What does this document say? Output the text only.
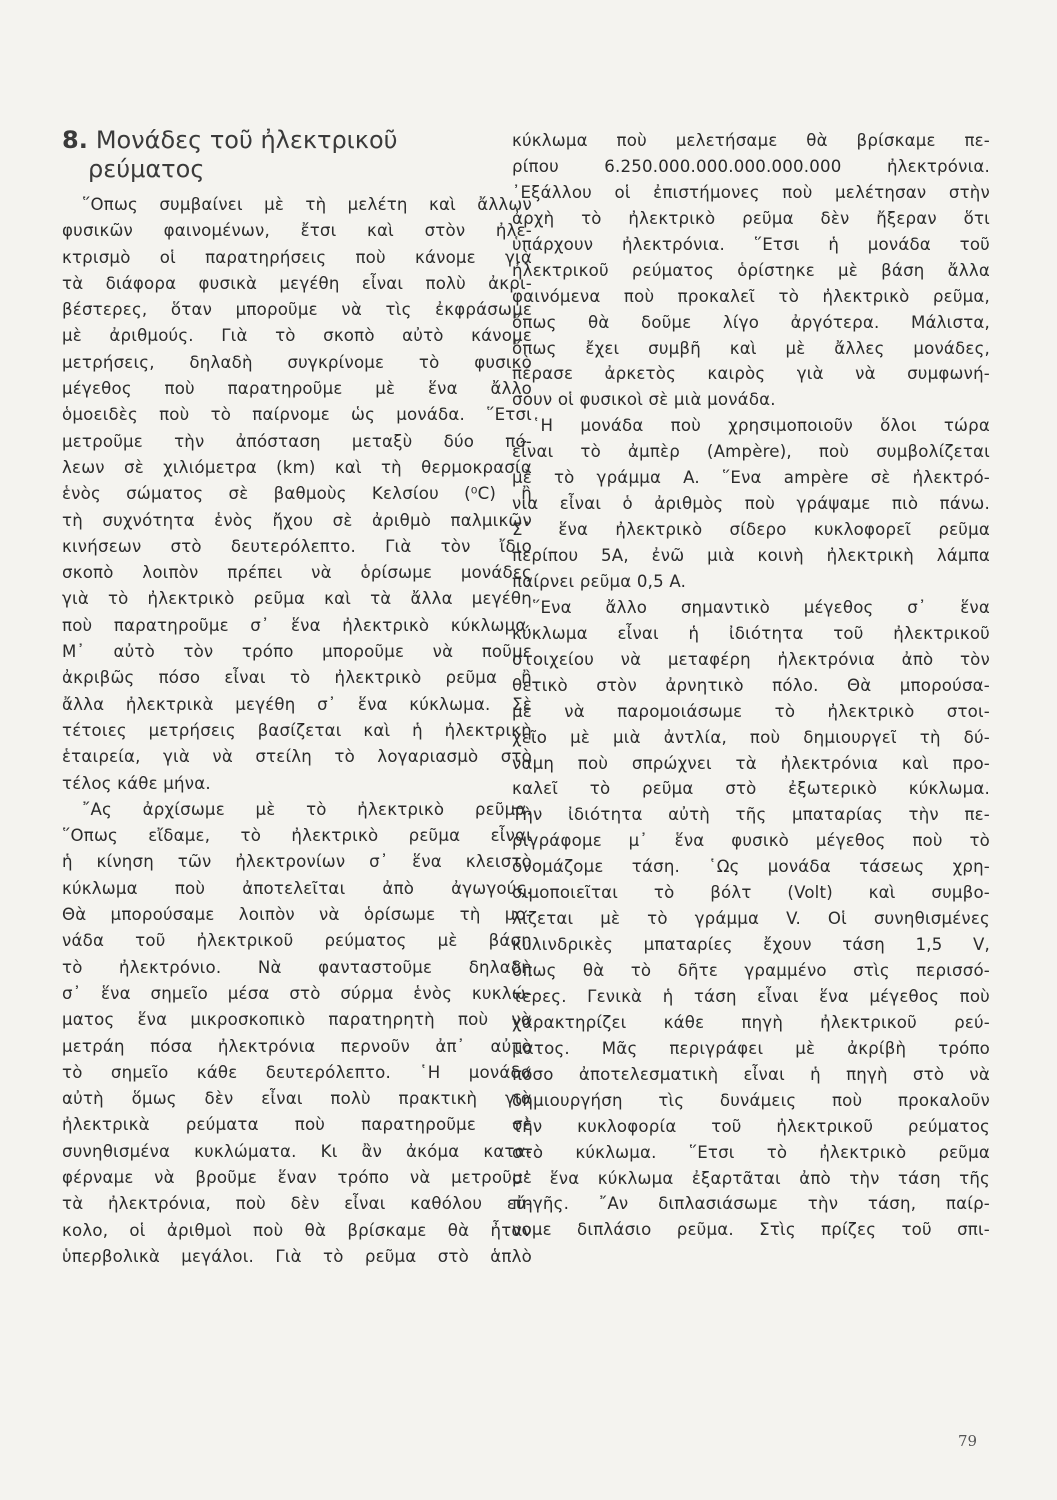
8. Μονάδες τοῦ ἠλεκτρικοῦ
ρεύματος
῞Οπως συμβαίνει μὲ τὴ μελέτη καὶ ἄλλων
φυσικῶν φαινομένων, ἔτσι καὶ στὸν ἠλε-
κτρισμὸ οἱ παρατηρήσεις ποὺ κάνομε γιὰ
τὰ διάφορα φυσικὰ μεγέθη εἶναι πολὺ ἀκρι-
βέστερες, ὅταν μποροῦμε νὰ τὶς ἐκφράσωμε
μὲ ἀριθμούς. Γιὰ τὸ σκοπὸ αὐτὸ κάνομε
μετρήσεις, δηλαδὴ συγκρίνομε τὸ φυσικὸ
μέγεθος ποὺ παρατηροῦμε μὲ ἕνα ἄλλο
ὁμοειδὲς ποὺ τὸ παίρνομε ὡς μονάδα. ῞Ετσι
μετροῦμε τὴν ἀπόσταση μεταξὺ δύο πό-
λεων σὲ χιλιόμετρα (km) καὶ τὴ θερμοκρασία
ἑνὸς σώματος σὲ βαθμοὺς Κελσίου (⁰C) ἢ
τὴ συχνότητα ἑνὸς ἤχου σὲ ἀριθμὸ παλμικῶν
κινήσεων στὸ δευτερόλεπτο. Γιὰ τὸν ἴδιο
σκοπὸ λοιπὸν πρέπει νὰ ὁρίσωμε μονάδες
γιὰ τὸ ἠλεκτρικὸ ρεῦμα καὶ τὰ ἄλλα μεγέθη
ποὺ παρατηροῦμε σ᾽ ἕνα ἠλεκτρικὸ κύκλωμα.
Μ᾽ αὐτὸ τὸν τρόπο μποροῦμε νὰ ποῦμε
ἀκριβῶς πόσο εἶναι τὸ ἠλεκτρικὸ ρεῦμα ἢ
ἄλλα ἠλεκτρικὰ μεγέθη σ᾽ ἕνα κύκλωμα. Σὲ
τέτοιες μετρήσεις βασίζεται καὶ ἡ ἠλεκτρικὴ
ἑταιρεία, γιὰ νὰ στείλη τὸ λογαριασμὸ στὸ
τέλος κάθε μήνα.
῎Ας ἀρχίσωμε μὲ τὸ ἠλεκτρικὸ ρεῦμα.
῞Οπως εἴδαμε, τὸ ἠλεκτρικὸ ρεῦμα εἶναι
ἡ κίνηση τῶν ἠλεκτρονίων σ᾽ ἕνα κλειστὸ
κύκλωμα ποὺ ἀποτελεῖται ἀπὸ ἀγωγούς.
Θὰ μπορούσαμε λοιπὸν νὰ ὁρίσωμε τὴ μο-
νάδα τοῦ ἠλεκτρικοῦ ρεύματος μὲ βάση
τὸ ἠλεκτρόνιο. Νὰ φανταστοῦμε δηλαδὴ
σ᾽ ἕνα σημεῖο μέσα στὸ σύρμα ἑνὸς κυκλώ-
ματος ἕνα μικροσκοπικὸ παρατηρητὴ ποὺ νὰ
μετράη πόσα ἠλεκτρόνια περνοῦν ἀπ᾽ αὐτὸ
τὸ σημεῖο κάθε δευτερόλεπτο. ῾Η μονάδα
αὐτὴ ὅμως δὲν εἶναι πολὺ πρακτικὴ γιὰ
ἠλεκτρικὰ ρεύματα ποὺ παρατηροῦμε σὲ
συνηθισμένα κυκλώματα. Κι ἂν ἀκόμα κατα-
φέρναμε νὰ βροῦμε ἕναν τρόπο νὰ μετροῦμε
τὰ ἠλεκτρόνια, ποὺ δὲν εἶναι καθόλου εὔ-
κολο, οἱ ἀριθμοὶ ποὺ θὰ βρίσκαμε θὰ ἦταν
ὑπερβολικὰ μεγάλοι. Γιὰ τὸ ρεῦμα στὸ ἁπλὸ
κύκλωμα ποὺ μελετήσαμε θὰ βρίσκαμε πε-
ρίπου 6.250.000.000.000.000.000 ἠλεκτρόνια.
᾽Εξάλλου οἱ ἐπιστήμονες ποὺ μελέτησαν στὴν
ἀρχὴ τὸ ἠλεκτρικὸ ρεῦμα δὲν ἤξεραν ὅτι
ὑπάρχουν ἠλεκτρόνια. ῞Ετσι ἡ μονάδα τοῦ
ἠλεκτρικοῦ ρεύματος ὁρίστηκε μὲ βάση ἄλλα
φαινόμενα ποὺ προκαλεῖ τὸ ἠλεκτρικὸ ρεῦμα,
ὅπως θὰ δοῦμε λίγο ἀργότερα. Μάλιστα,
ὅπως ἔχει συμβῆ καὶ μὲ ἄλλες μονάδες,
πέρασε ἀρκετὸς καιρὸς γιὰ νὰ συμφωνή-
σουν οἱ φυσικοὶ σὲ μιὰ μονάδα.
῾Η μονάδα ποὺ χρησιμοποιοῦν ὅλοι τώρα
εἶναι τὸ ἀμπὲρ (Ampère), ποὺ συμβολίζεται
μὲ τὸ γράμμα A. ῞Ενα ampère σὲ ἠλεκτρό-
νια εἶναι ὁ ἀριθμὸς ποὺ γράψαμε πιὸ πάνω.
Σ᾽ ἕνα ἠλεκτρικὸ σίδερο κυκλοφορεῖ ρεῦμα
περίπου 5A, ἐνῶ μιὰ κοινὴ ἠλεκτρικὴ λάμπα
παίρνει ρεῦμα 0,5 A.
῞Ενα ἄλλο σημαντικὸ μέγεθος σ᾽ ἕνα
κύκλωμα εἶναι ἡ ἰδιότητα τοῦ ἠλεκτρικοῦ
στοιχείου νὰ μεταφέρη ἠλεκτρόνια ἀπὸ τὸν
θετικὸ στὸν ἀρνητικὸ πόλο. Θὰ μπορούσα-
με νὰ παρομοιάσωμε τὸ ἠλεκτρικὸ στοι-
χεῖο μὲ μιὰ ἀντλία, ποὺ δημιουργεῖ τὴ δύ-
ναμη ποὺ σπρώχνει τὰ ἠλεκτρόνια καὶ προ-
καλεῖ τὸ ρεῦμα στὸ ἐξωτερικὸ κύκλωμα.
Τὴν ἰδιότητα αὐτὴ τῆς μπαταρίας τὴν πε-
ριγράφομε μ᾽ ἕνα φυσικὸ μέγεθος ποὺ τὸ
ὀνομάζομε τάση. ῾Ως μονάδα τάσεως χρη-
σιμοποιεῖται τὸ βόλτ (Volt) καὶ συμβο-
λίζεται μὲ τὸ γράμμα V. Οἱ συνηθισμένες
κυλινδρικὲς μπαταρίες ἔχουν τάση 1,5 V,
ὅπως θὰ τὸ δῆτε γραμμένο στὶς περισσό-
τερες. Γενικὰ ἡ τάση εἶναι ἕνα μέγεθος ποὺ
χαρακτηρίζει κάθε πηγὴ ἠλεκτρικοῦ ρεύ-
ματος. Μᾶς περιγράφει μὲ ἀκρίβὴ τρόπο
πόσο ἀποτελεσματικὴ εἶναι ἡ πηγὴ στὸ νὰ
δημιουργήση τὶς δυνάμεις ποὺ προκαλοῦν
τὴν κυκλοφορία τοῦ ἠλεκτρικοῦ ρεύματος
στὸ κύκλωμα. ῞Ετσι τὸ ἠλεκτρικὸ ρεῦμα
σ᾽ ἕνα κύκλωμα ἐξαρτᾶται ἀπὸ τὴν τάση τῆς
πηγῆς. ῎Αν διπλασιάσωμε τὴν τάση, παίρ-
νομε διπλάσιο ρεῦμα. Στὶς πρίζες τοῦ σπι-
79
